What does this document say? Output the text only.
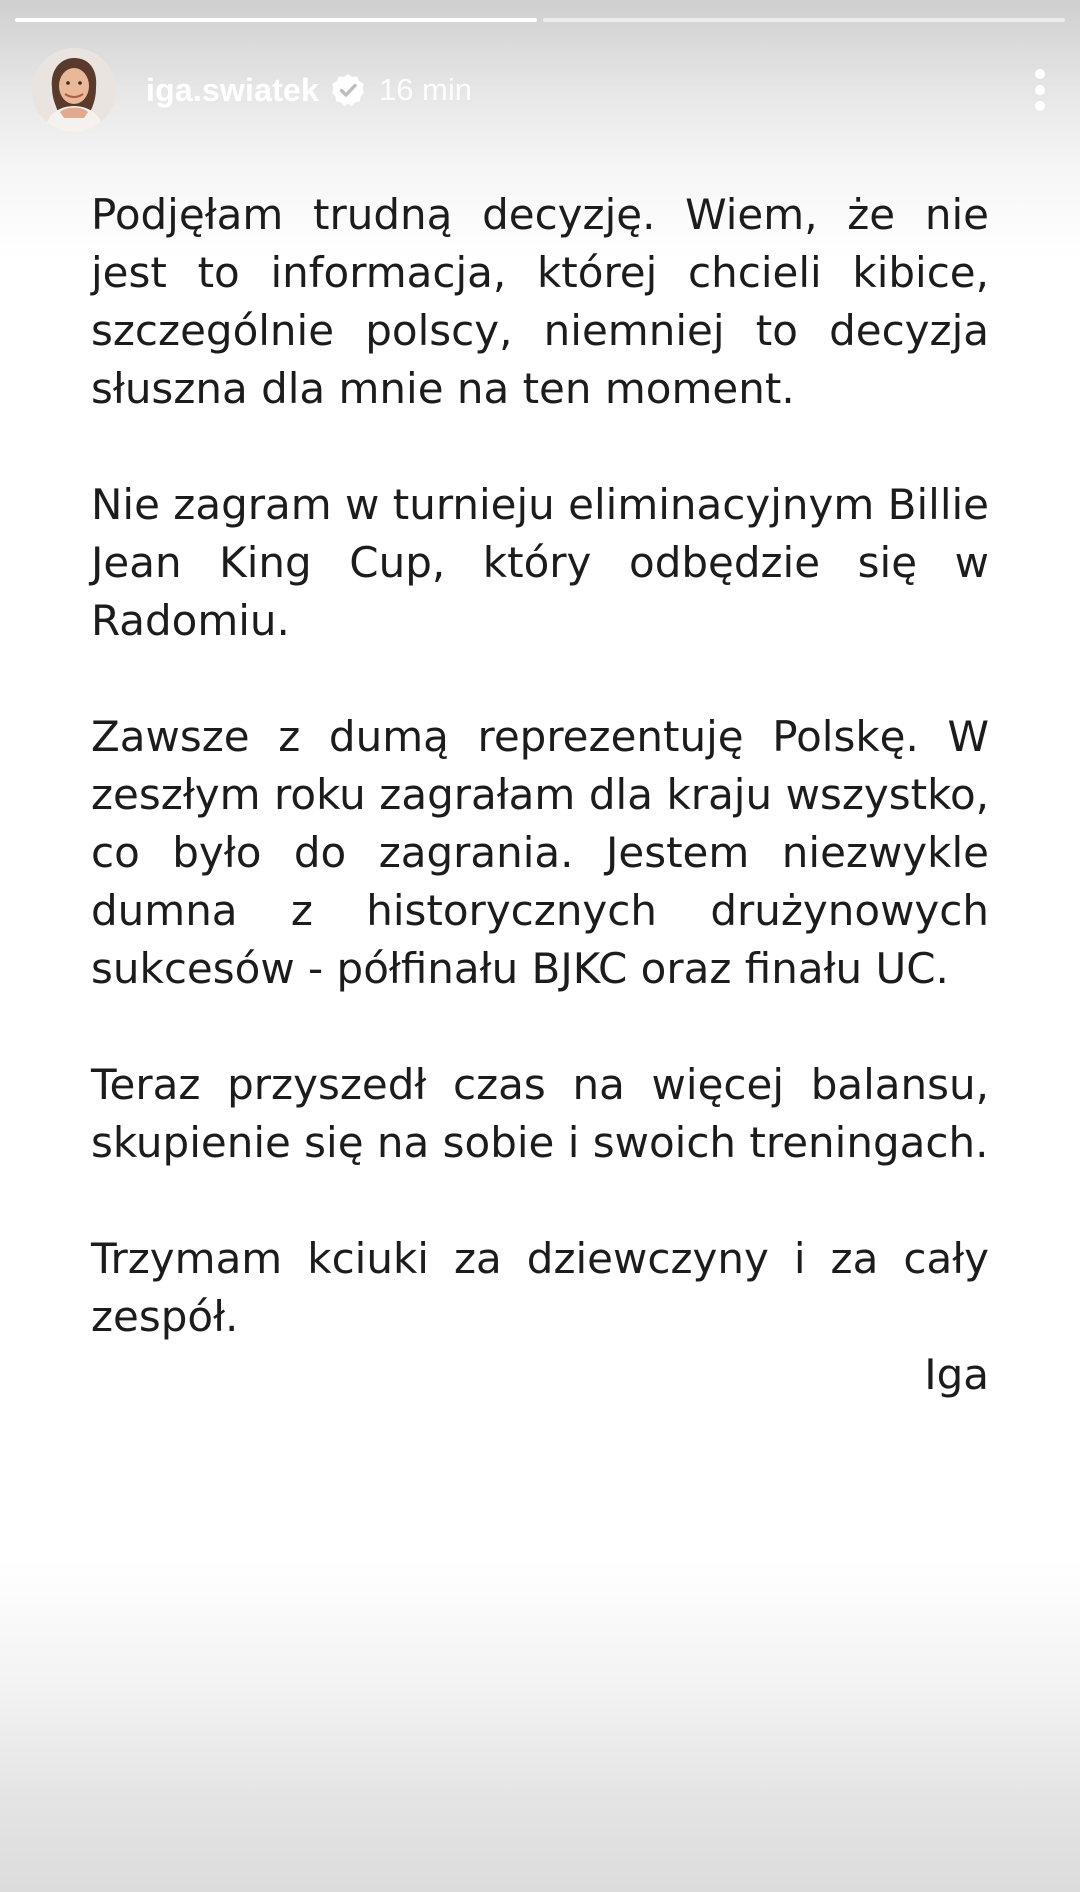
iga.swiatek 16 min

Podjęłam trudną decyzję. Wiem, że nie jest to informacja, której chcieli kibice, szczególnie polscy, niemniej to decyzja słuszna dla mnie na ten moment.

Nie zagram w turnieju eliminacyjnym Billie Jean King Cup, który odbędzie się w Radomiu.

Zawsze z dumą reprezentuję Polskę. W zeszłym roku zagrałam dla kraju wszystko, co było do zagrania. Jestem niezwykle dumna z historycznych drużynowych sukcesów - półfinału BJKC oraz finału UC.

Teraz przyszedł czas na więcej balansu, skupienie się na sobie i swoich treningach.

Trzymam kciuki za dziewczyny i za cały zespół.

Iga
